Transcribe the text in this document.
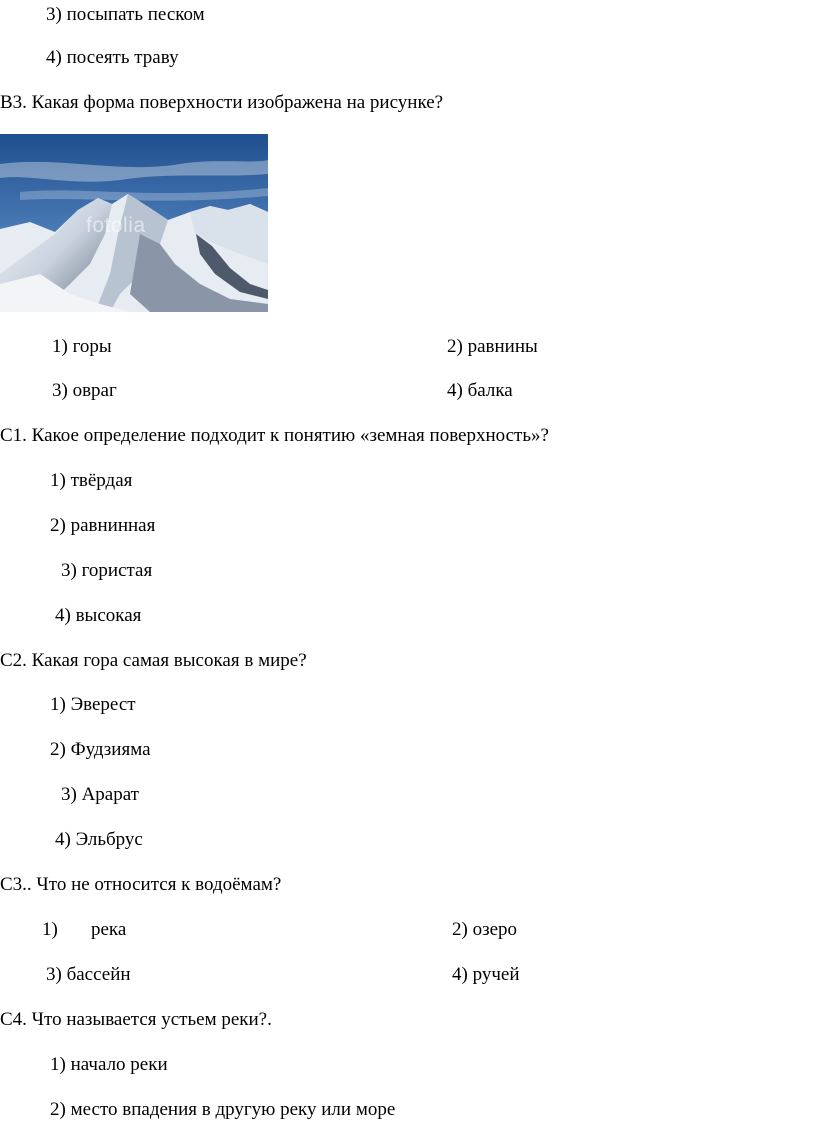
3) посыпать песком
4) посеять траву
В3. Какая форма поверхности изображена на рисунке?
fotolia
1) горы	2) равнины
3) овраг	4) балка
С1. Какое определение подходит к понятию «земная поверхность»?
1) твёрдая
2) равнинная
3) гористая
4) высокая
С2. Какая гора самая высокая в мире?
1) Эверест
2) Фудзияма
3) Арарат
4) Эльбрус
С3.. Что не относится к водоёмам?
1) река	2) озеро
3) бассейн	4) ручей
С4. Что называется устьем реки?.
1) начало реки
2) место впадения в другую реку или море
